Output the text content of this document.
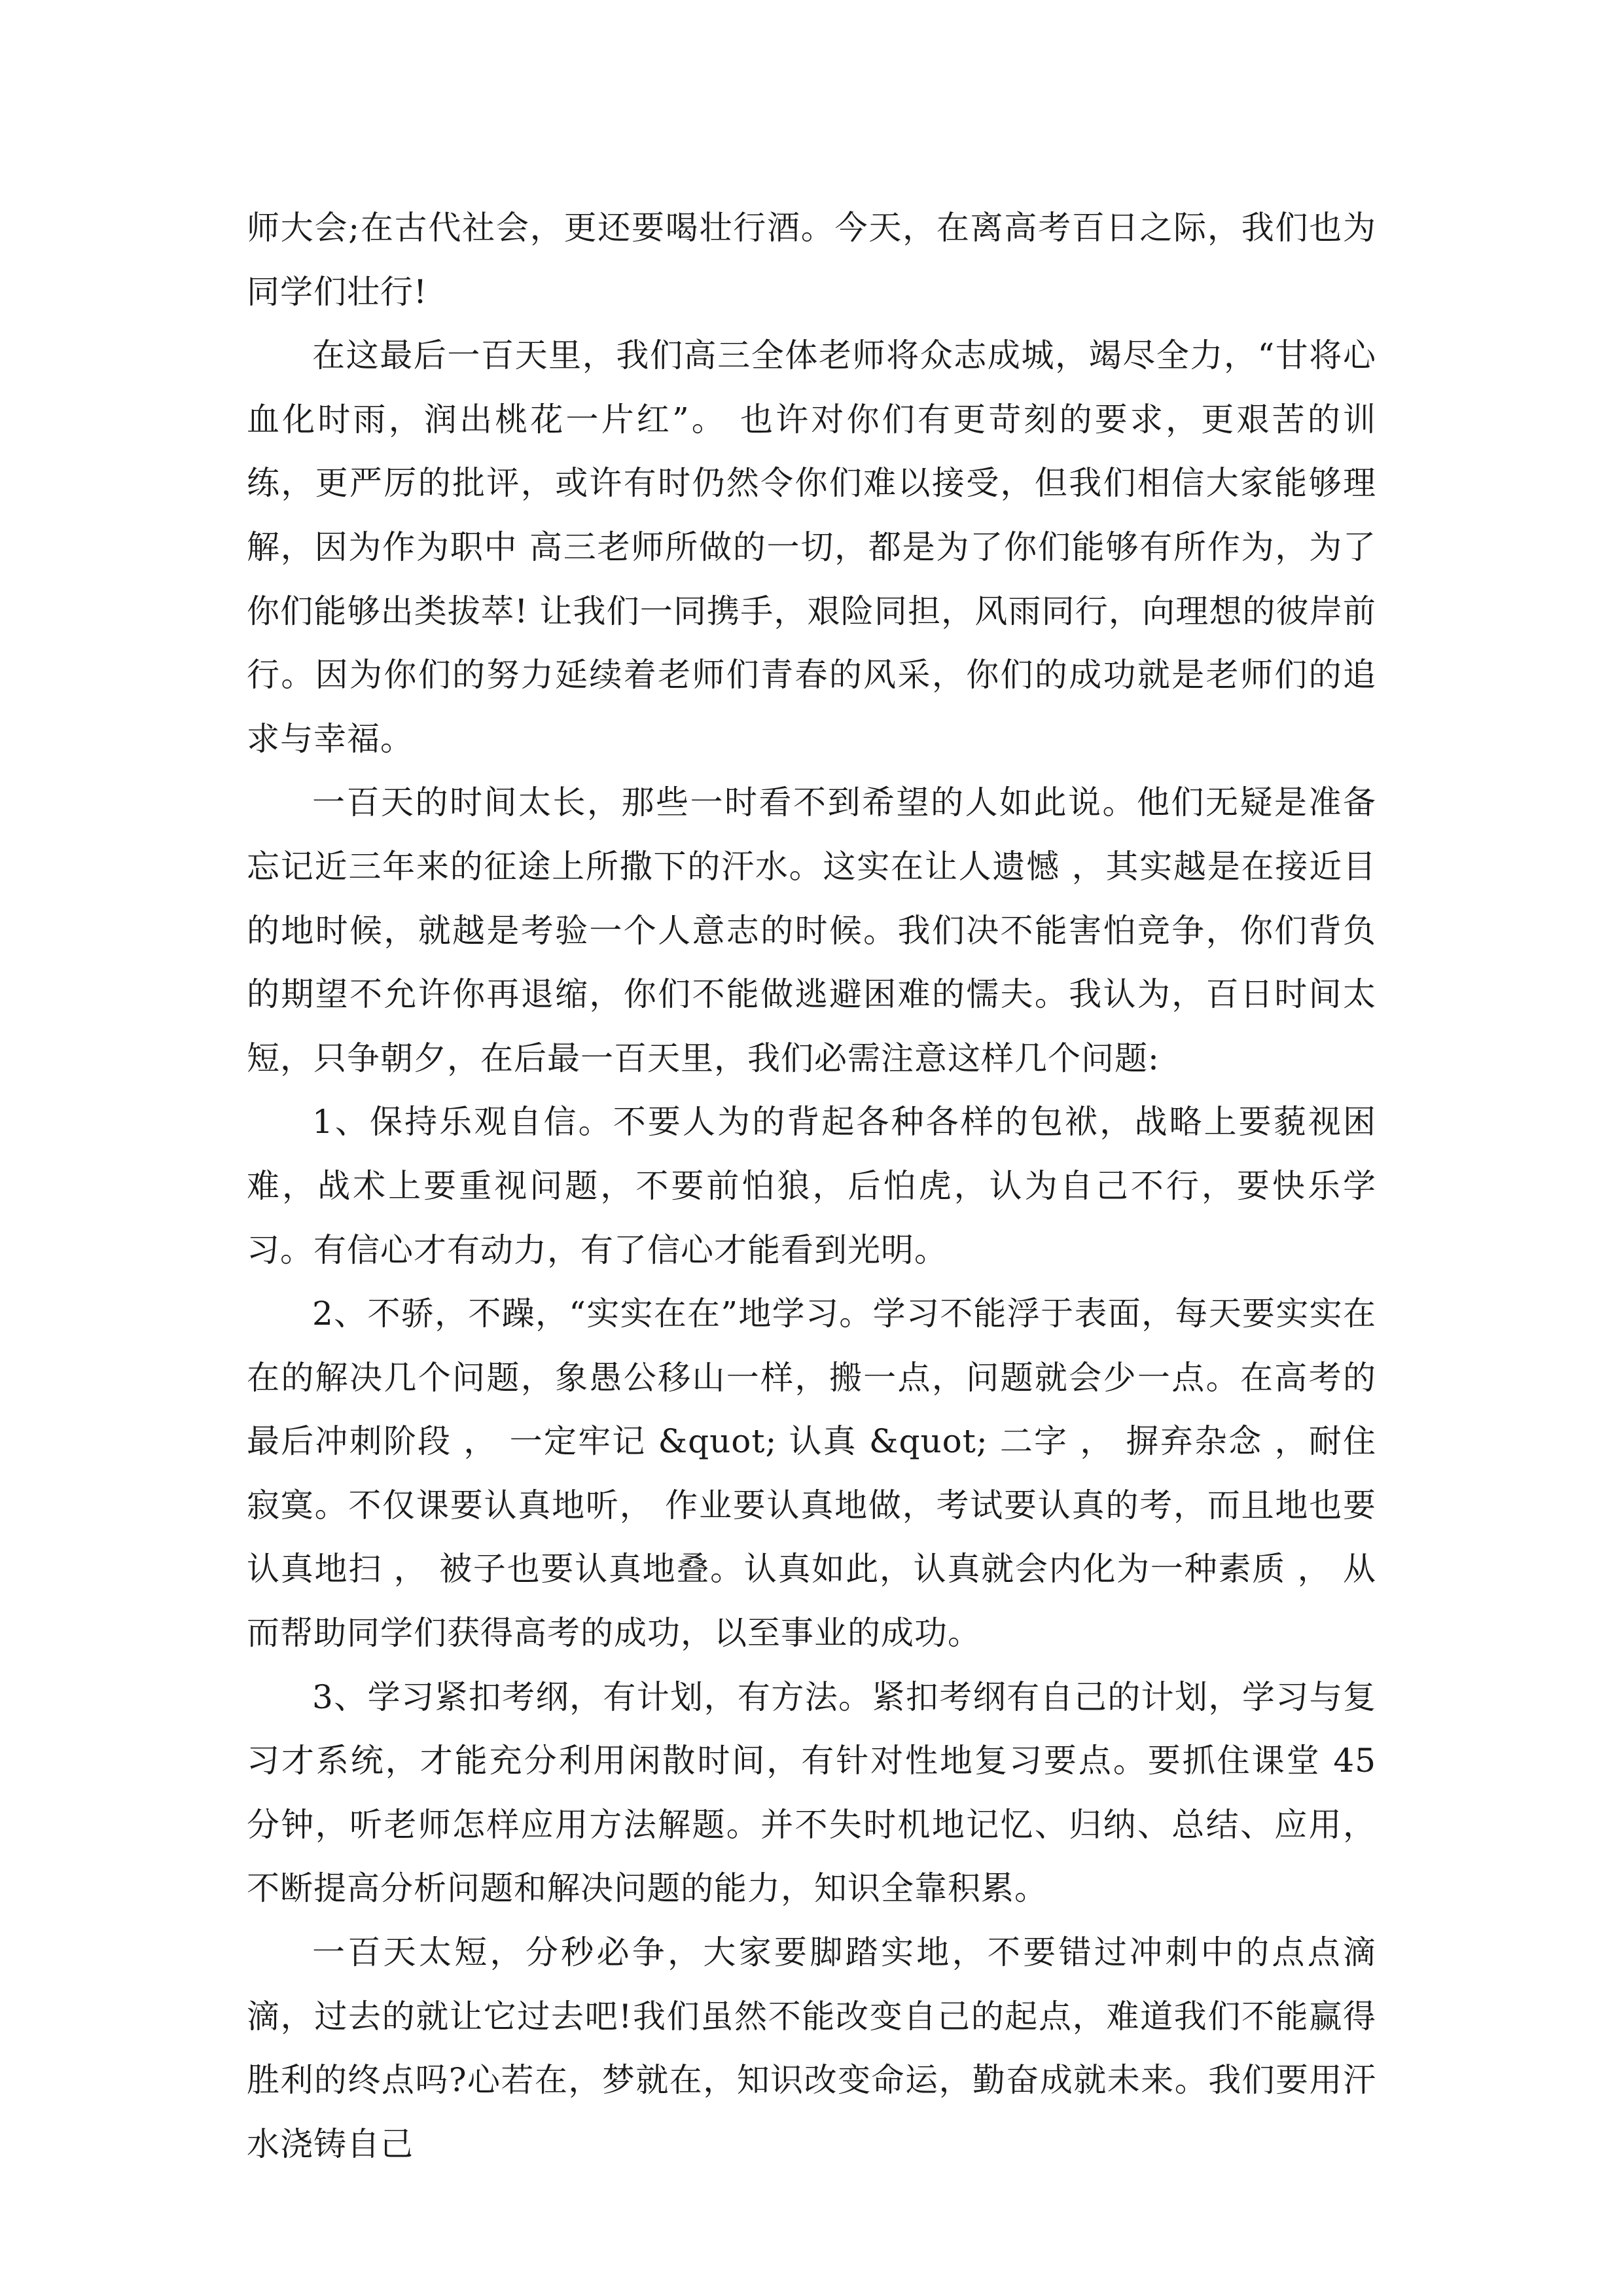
师大会;在古代社会，更还要喝壮行酒。今天，在离高考百日之际，我们也为同学们壮行!

在这最后一百天里，我们高三全体老师将众志成城，竭尽全力，“甘将心血化时雨，润出桃花一片红”。 也许对你们有更苛刻的要求，更艰苦的训练，更严厉的批评，或许有时仍然令你们难以接受，但我们相信大家能够理解，因为作为职中 高三老师所做的一切，都是为了你们能够有所作为，为了你们能够出类拔萃! 让我们一同携手，艰险同担，风雨同行，向理想的彼岸前行。因为你们的努力延续着老师们青春的风采，你们的成功就是老师们的追求与幸福。

一百天的时间太长，那些一时看不到希望的人如此说。他们无疑是准备忘记近三年来的征途上所撒下的汗水。这实在让人遗憾 ，其实越是在接近目的地时候，就越是考验一个人意志的时候。我们决不能害怕竞争，你们背负的期望不允许你再退缩，你们不能做逃避困难的懦夫。我认为，百日时间太短，只争朝夕，在后最一百天里，我们必需注意这样几个问题:

1、保持乐观自信。不要人为的背起各种各样的包袱，战略上要藐视困难，战术上要重视问题，不要前怕狼，后怕虎，认为自己不行，要快乐学习。有信心才有动力，有了信心才能看到光明。

2、不骄，不躁，“实实在在”地学习。学习不能浮于表面，每天要实实在在的解决几个问题，象愚公移山一样，搬一点，问题就会少一点。在高考的最后冲刺阶段 ， 一定牢记 &quot; 认真 &quot; 二字 ， 摒弃杂念 ，耐住寂寞。不仅课要认真地听， 作业要认真地做，考试要认真的考，而且地也要认真地扫 ， 被子也要认真地叠。认真如此，认真就会内化为一种素质 ， 从而帮助同学们获得高考的成功，以至事业的成功。

3、学习紧扣考纲，有计划，有方法。紧扣考纲有自己的计划，学习与复习才系统，才能充分利用闲散时间，有针对性地复习要点。要抓住课堂 45 分钟，听老师怎样应用方法解题。并不失时机地记忆、归纳、总结、应用，不断提高分析问题和解决问题的能力，知识全靠积累。

一百天太短，分秒必争，大家要脚踏实地，不要错过冲刺中的点点滴滴，过去的就让它过去吧!我们虽然不能改变自己的起点，难道我们不能赢得胜利的终点吗?心若在，梦就在，知识改变命运，勤奋成就未来。我们要用汗水浇铸自己
